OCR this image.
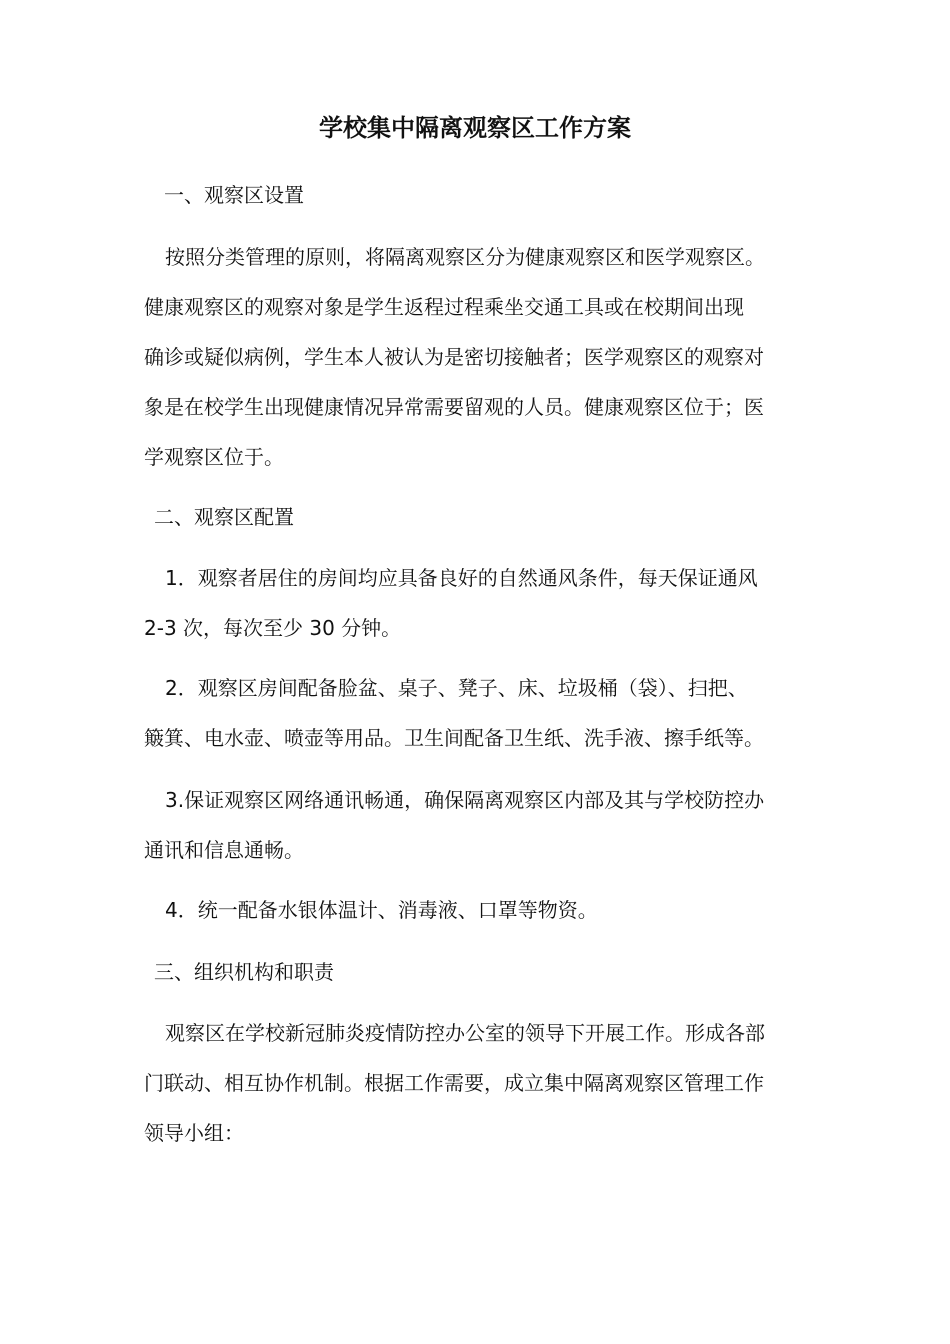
学校集中隔离观察区工作方案
一、观察区设置
按照分类管理的原则，将隔离观察区分为健康观察区和医学观察区。
健康观察区的观察对象是学生返程过程乘坐交通工具或在校期间出现
确诊或疑似病例，学生本人被认为是密切接触者；医学观察区的观察对
象是在校学生出现健康情况异常需要留观的人员。健康观察区位于；医
学观察区位于。
二、观察区配置
1．观察者居住的房间均应具备良好的自然通风条件，每天保证通风
2-3 次，每次至少 30 分钟。
2．观察区房间配备脸盆、桌子、凳子、床、垃圾桶（袋）、扫把、
簸箕、电水壶、喷壶等用品。卫生间配备卫生纸、洗手液、擦手纸等。
3.保证观察区网络通讯畅通，确保隔离观察区内部及其与学校防控办
通讯和信息通畅。
4．统一配备水银体温计、消毒液、口罩等物资。
三、组织机构和职责
观察区在学校新冠肺炎疫情防控办公室的领导下开展工作。形成各部
门联动、相互协作机制。根据工作需要，成立集中隔离观察区管理工作
领导小组：
